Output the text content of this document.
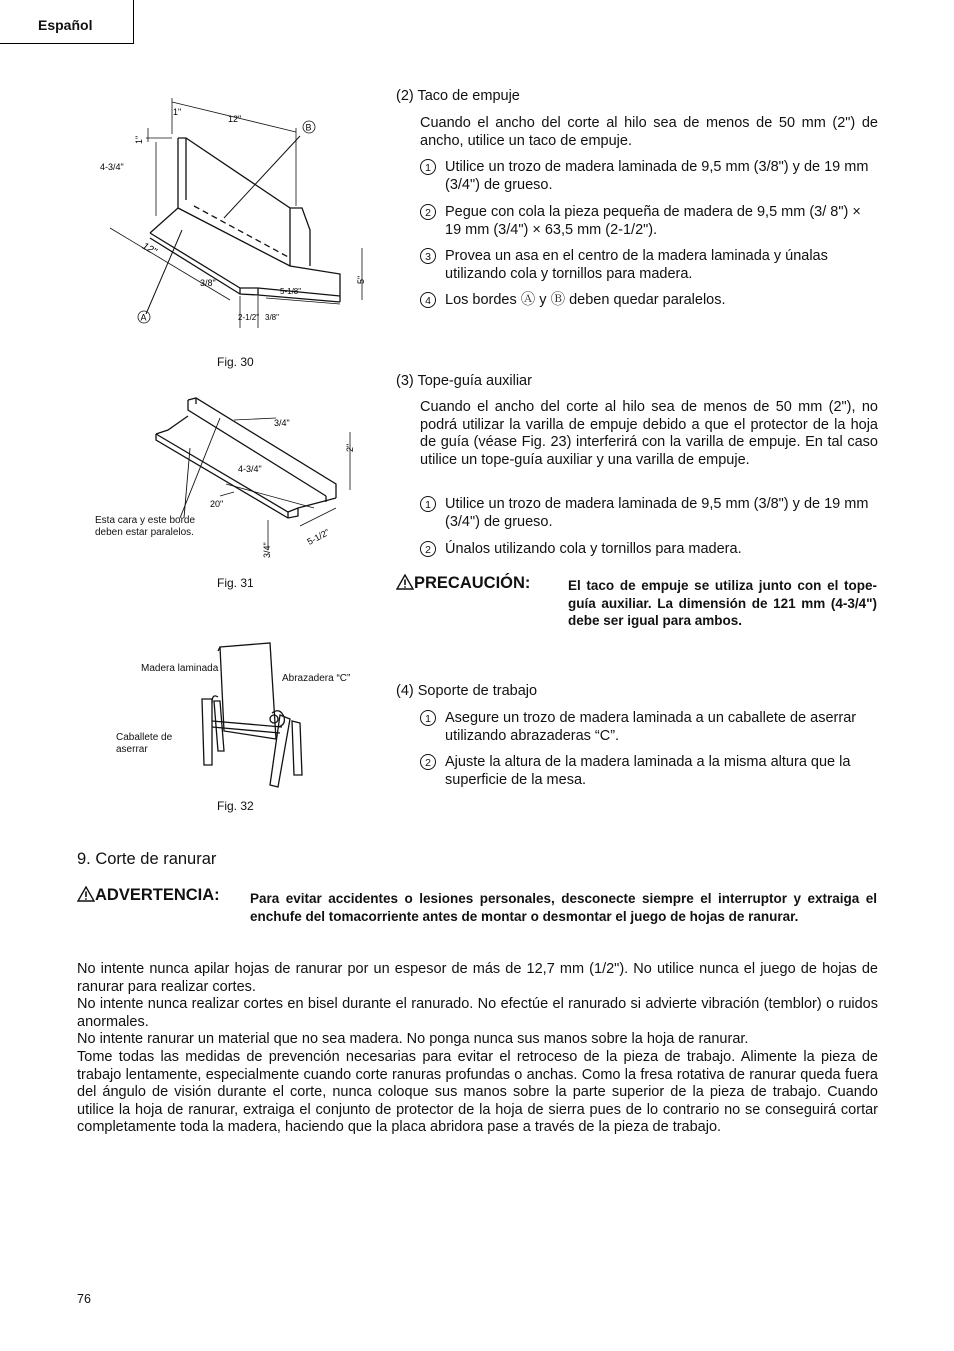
Español
1"
12"
1"
4-3/4"
12"
3/8"
5-1/8"
5"
2-1/2" 3/8"
A
B
Fig. 30
3/4"
2"
4-3/4"
20"
3/4"
5-1/2"
Esta cara y este borde deben estar paralelos.
Fig. 31
Madera laminada
Abrazadera “C”
Caballete de aserrar
Fig. 32
(2) Taco de empuje
Cuando el ancho del corte al hilo sea de menos de 50 mm (2") de ancho, utilice un taco de empuje.
1 Utilice un trozo de madera laminada de 9,5 mm (3/8") y de 19 mm (3/4") de grueso.
2 Pegue con cola la pieza pequeña de madera de 9,5 mm (3/ 8") × 19 mm (3/4") × 63,5 mm (2-1/2").
3 Provea un asa en el centro de la madera laminada y únalas utilizando cola y tornillos para madera.
4 Los bordes Ⓐ y Ⓑ deben quedar paralelos.
(3) Tope-guía auxiliar
Cuando el ancho del corte al hilo sea de menos de 50 mm (2"), no podrá utilizar la varilla de empuje debido a que el protector de la hoja de guía (véase Fig. 23) interferirá con la varilla de empuje. En tal caso utilice un tope-guía auxiliar y una varilla de empuje.
1 Utilice un trozo de madera laminada de 9,5 mm (3/8") y de 19 mm (3/4") de grueso.
2 Únalos utilizando cola y tornillos para madera.
PRECAUCIÓN:	El taco de empuje se utiliza junto con el tope-guía auxiliar. La dimensión de 121 mm (4-3/4") debe ser igual para ambos.
(4) Soporte de trabajo
1 Asegure un trozo de madera laminada a un caballete de aserrar utilizando abrazaderas “C”.
2 Ajuste la altura de la madera laminada a la misma altura que la superficie de la mesa.
9. Corte de ranurar
ADVERTENCIA: Para evitar accidentes o lesiones personales, desconecte siempre el interruptor y extraiga el enchufe del tomacorriente antes de montar o desmontar el juego de hojas de ranurar.
No intente nunca apilar hojas de ranurar por un espesor de más de 12,7 mm (1/2"). No utilice nunca el juego de hojas de ranurar para realizar cortes.
No intente nunca realizar cortes en bisel durante el ranurado. No efectúe el ranurado si advierte vibración (temblor) o ruidos anormales.
No intente ranurar un material que no sea madera. No ponga nunca sus manos sobre la hoja de ranurar.
Tome todas las medidas de prevención necesarias para evitar el retroceso de la pieza de trabajo. Alimente la pieza de trabajo lentamente, especialmente cuando corte ranuras profundas o anchas. Como la fresa rotativa de ranurar queda fuera del ángulo de visión durante el corte, nunca coloque sus manos sobre la parte superior de la pieza de trabajo. Cuando utilice la hoja de ranurar, extraiga el conjunto de protector de la hoja de sierra pues de lo contrario no se conseguirá cortar completamente toda la madera, haciendo que la placa abridora pase a través de la pieza de trabajo.
76
